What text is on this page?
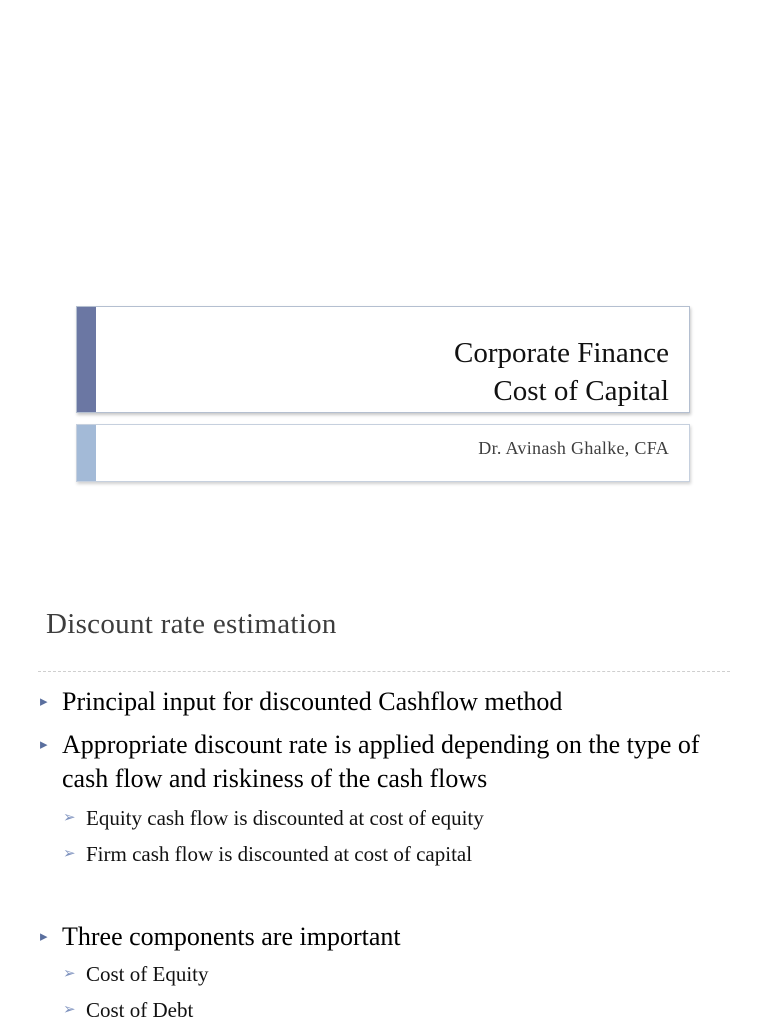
Corporate Finance
Cost of Capital
Dr. Avinash Ghalke, CFA
Discount rate estimation
▸ Principal input for discounted Cashflow method
▸ Appropriate discount rate is applied depending on the type of cash flow and riskiness of the cash flows
➢ Equity cash flow is discounted at cost of equity
➢ Firm cash flow is discounted at cost of capital
▸ Three components are important
➢ Cost of Equity
➢ Cost of Debt
